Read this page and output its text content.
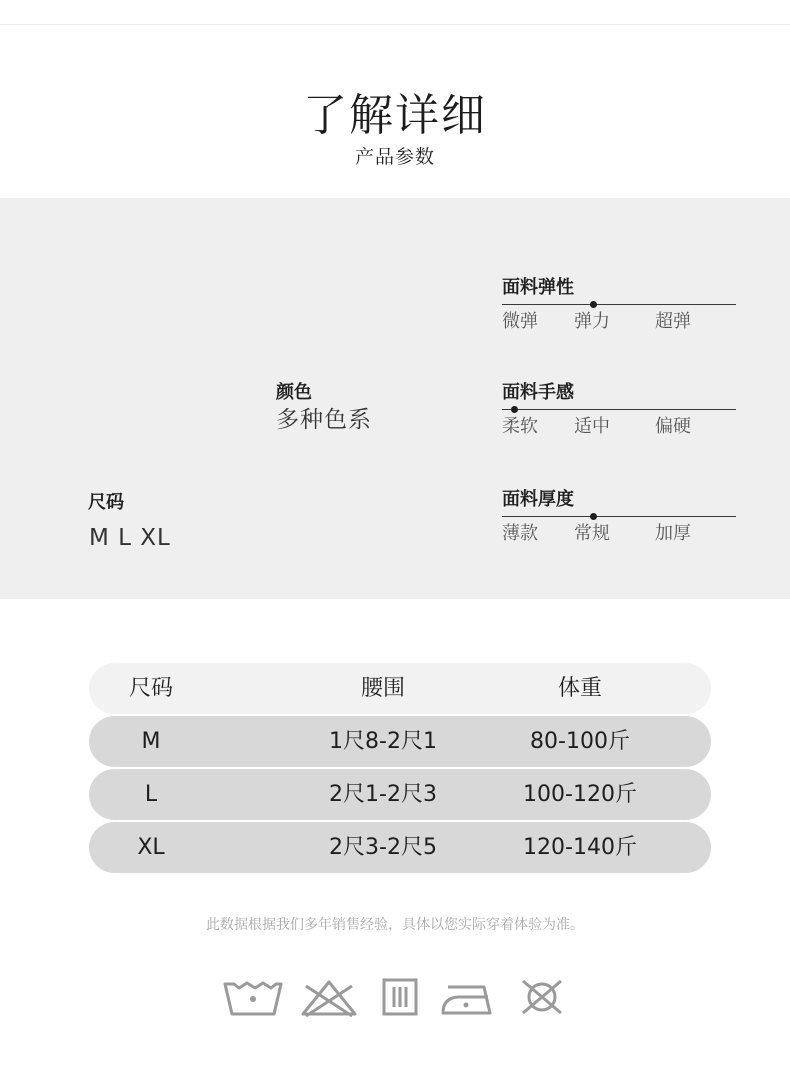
了解详细
产品参数
颜色
多种色系
尺码
M L XL
面料弹性
微弹 弹力	超弹
面料手感
柔软 适中	偏硬
面料厚度
薄款 常规	加厚
尺码	腰围	体重
M	1尺8-2尺1	80-100斤
L	2尺1-2尺3	100-120斤
XL	2尺3-2尺5	120-140斤

此数据根据我们多年销售经验，具体以您实际穿着体验为准。
